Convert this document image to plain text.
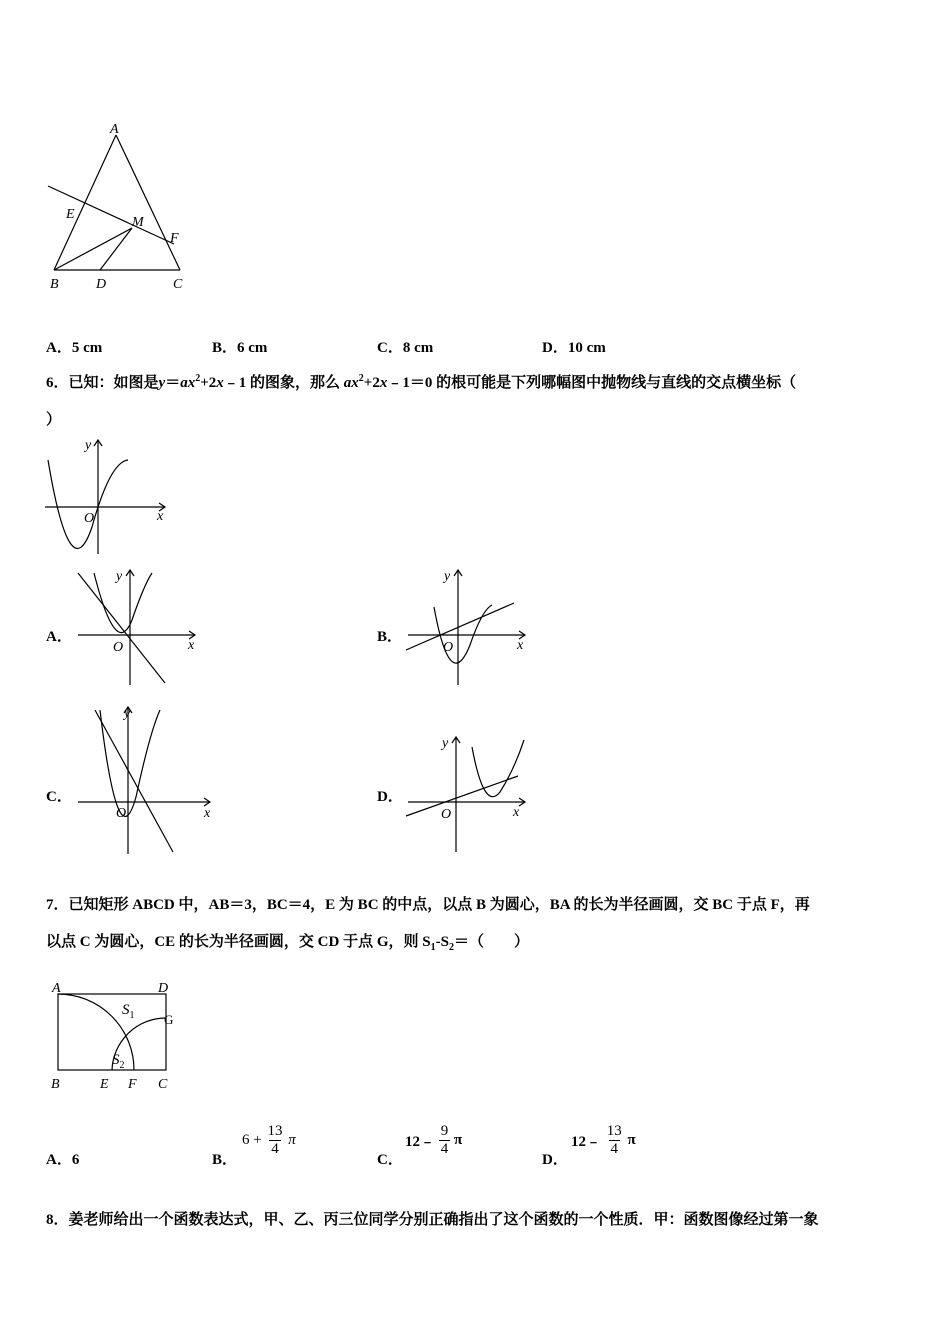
A
E
M
F
B	D	C
A．5 cm	B．6 cm	C．8 cm	D．10 cm
6．已知：如图是$y=ax^2+2x﹣1$ 的图象，那么 $ax^2+2x﹣1=0$ 的根可能是下列哪幅图中抛物线与直线的交点横坐标（
）
y
x
O
A．
y
x
O
B．
y
x
O
C．
y
x
O
D．
y
x
O
7．已知矩形 ABCD 中，AB＝3，BC＝4，E 为 BC 的中点，以点 B 为圆心，BA 的长为半径画圆，交 BC 于点 F，再
以点 C 为圆心，CE 的长为半径画圆，交 CD 于点 G，则 $S_1-S_2=$（　　）
A	D
G
B	E F C
$S_1$
$S_2$
A．6	B．
$6 + \frac{13}{4}$ π
C．
12﹣ $\frac{9}{4}$ π
D．
12﹣ $\frac{13}{4}$ π
8．姜老师给出一个函数表达式，甲、乙、丙三位同学分别正确指出了这个函数的一个性质．甲：函数图像经过第一象
